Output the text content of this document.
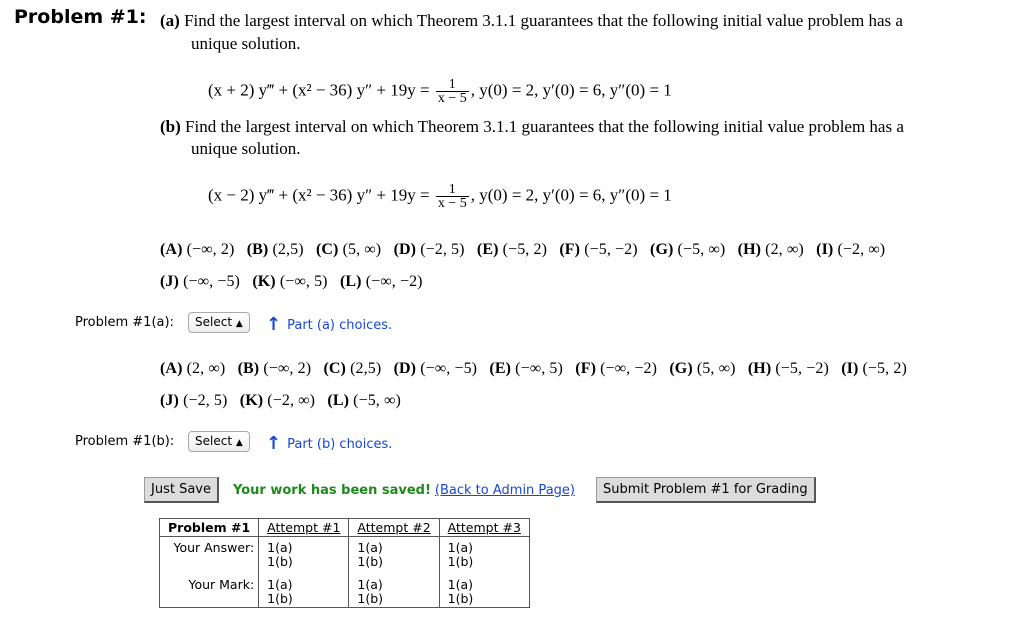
Problem #1: (a) Find the largest interval on which Theorem 3.1.1 guarantees that the following initial value problem has a
unique solution.
(x + 2) y‴ + (x² − 36) $y'' + 19y = \frac{1}{x - 5}$ , y(0) = 2, y′(0) = 6, y″(0) = 1
(b) Find the largest interval on which Theorem 3.1.1 guarantees that the following initial value problem has a
unique solution.
(x − 2) y‴ + (x² − 36) $y'' + 19y = \frac{1}{x - 5}$ , y(0) = 2, y′(0) = 6, y″(0) = 1
(A) (−∞, 2) (B) (2,5) (C) (5, ∞) (D) (−2, 5) (E) (−5, 2) (F) (−5, −2) (G) (−5, ∞) (H) (2, ∞) (I) (−2, ∞)
(J) (−∞, −5) (K) (−∞, 5) (L) (−∞, −2)
Problem #1(a):	Select ▲︎	↑ Part (a) choices.
(A) (2, ∞) (B) (−∞, 2) (C) (2,5) (D) (−∞, −5) (E) (−∞, 5) (F) (−∞, −2) (G) (5, ∞) (H) (−5, −2) (I) (−5, 2)
(J) (−2, 5) (K) (−2, ∞) (L) (−5, ∞)
Problem #1(b):	Select ▲︎	↑ Part (b) choices.
Just Save	Your work has been saved! (Back to Admin Page)	Submit Problem #1 for Grading
Problem #1	Attempt #1	Attempt #2	Attempt #3
Your Answer:	1(a)
1(b)	1(a)
1(b)	1(a)
1(b)

Your Mark:	1(a)
1(b)	1(a)
1(b)	1(a)
1(b)
